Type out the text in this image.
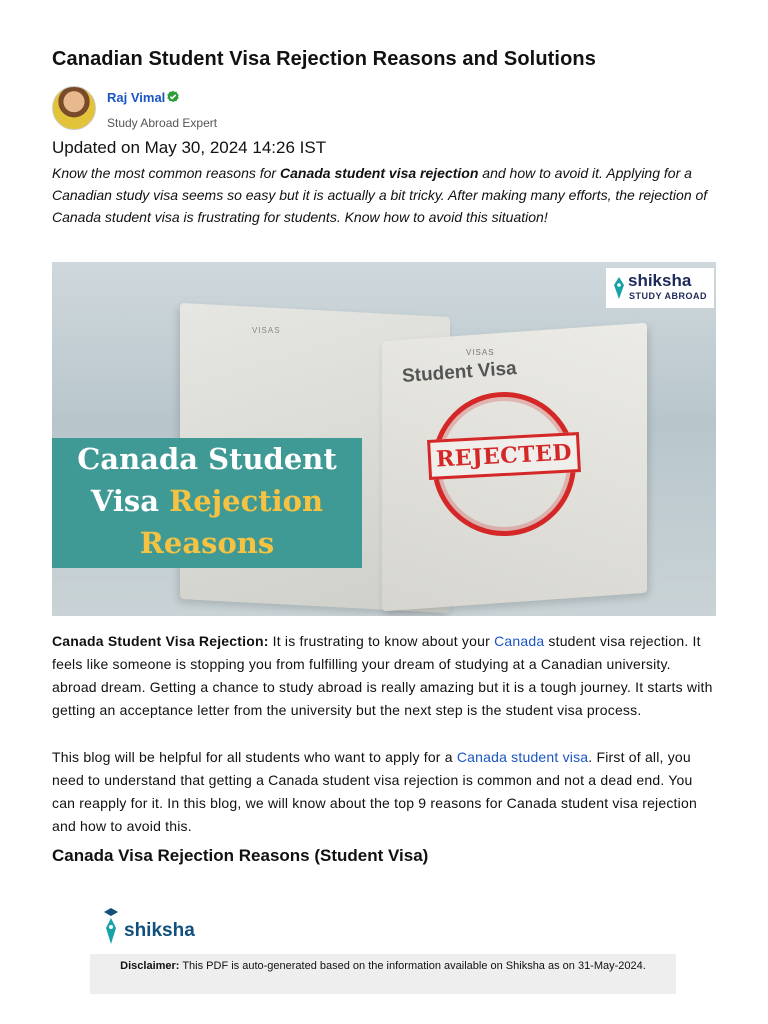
Canadian Student Visa Rejection Reasons and Solutions
Raj Vimal
Study Abroad Expert
Updated on May 30, 2024 14:26 IST

Know the most common reasons for Canada student visa rejection and how to avoid it. Applying for a Canadian study visa seems so easy but it is actually a bit tricky. After making many efforts, the rejection of Canada student visa is frustrating for students. Know how to avoid this situation!

VISAS
VISAS
Student Visa
REJECTED
Canada Student
Visa Rejection
Reasons
shiksha
STUDY ABROAD

Canada Student Visa Rejection: It is frustrating to know about your Canada student visa rejection. It feels like someone is stopping you from fulfilling your dream of studying at a Canadian university. abroad dream. Getting a chance to study abroad is really amazing but it is a tough journey. It starts with getting an acceptance letter from the university but the next step is the student visa process.

This blog will be helpful for all students who want to apply for a Canada student visa. First of all, you need to understand that getting a Canada student visa rejection is common and not a dead end. You can reapply for it. In this blog, we will know about the top 9 reasons for Canada student visa rejection and how to avoid this.

Canada Visa Rejection Reasons (Student Visa)
shiksha
Disclaimer: This PDF is auto-generated based on the information available on Shiksha as on 31-May-2024.
